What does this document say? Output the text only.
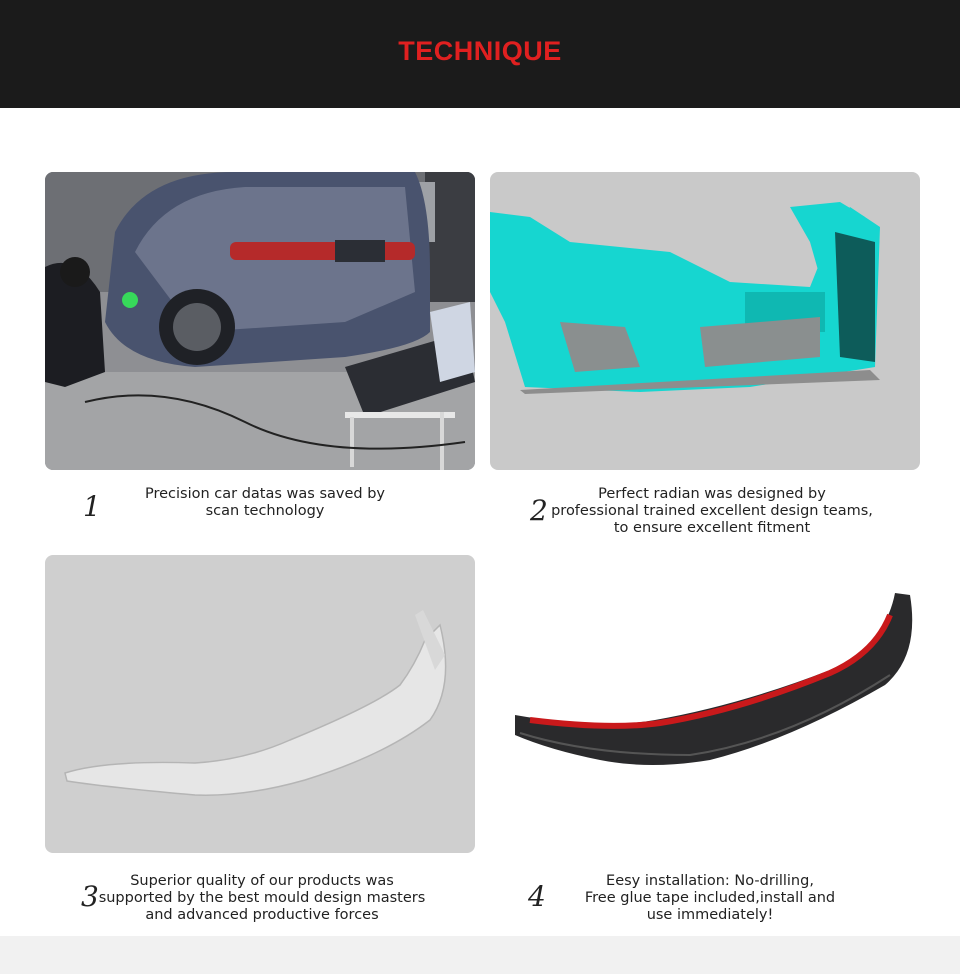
TECHNIQUE
1	Precision car datas was saved by
scan technology	2	Perfect radian was designed by
professional trained excellent design teams,
to ensure excellent fitment
3	Superior quality of our products was
supported by the best mould design masters
and advanced productive forces
4	Eesy installation: No-drilling,
Free glue tape included,install and
use immediately!
